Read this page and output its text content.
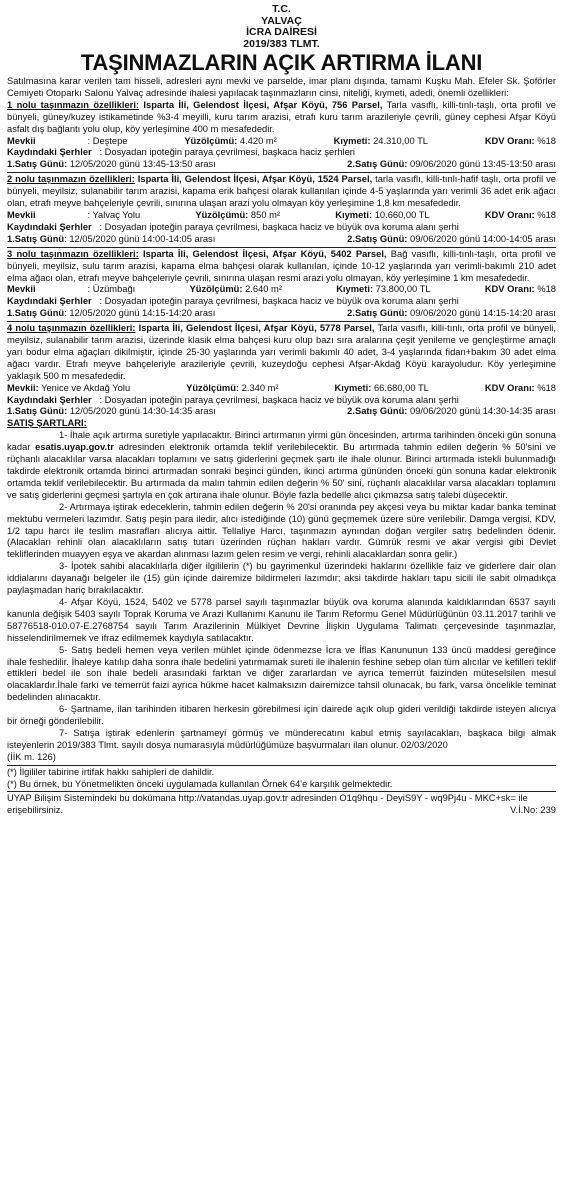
T.C.
YALVAÇ
İCRA DAİRESİ
2019/383 TLMT.
TAŞINMAZLARIN AÇIK ARTIRMA İLANI
Satılmasına karar verilen tam hisseli, adresleri aynı mevki ve parselde, imar planı dışında, tamamı Kuşku Mah. Efeler Sk. Şoförler Cemiyeti Otoparkı Salonu Yalvaç adresinde ihalesi yapılacak taşınmazların cinsi, niteliği, kıymeti, adedi, önemli özellikleri:
1 nolu taşınmazın özellikleri: Isparta İli, Gelendost İlçesi, Afşar Köyü, 756 Parsel, Tarla vasıflı, killi-tınlı-taşlı, orta profil ve bünyeli, güney/kuzey istikametinde %3-4 meyilli, kuru tarım arazisi, etrafı kuru tarım arazileriyle çevrili, güney cephesi Afşar Köyü asfalt dış bağlantı yolu olup, köy yerleşimine 400 m mesafededir.
Mevkii	: Deştepe	Yüzölçümü: 4.420 m²	Kıymeti: 24.310,00 TL	KDV Oranı: %18
Kaydındaki Şerhler : Dosyadan ipoteğin paraya çevrilmesi, başkaca haciz şerhleri
1.Satış Günü: 12/05/2020 günü 13:45-13:50 arası	2.Satış Günü: 09/06/2020 günü 13:45-13:50 arası
2 nolu taşınmazın özellikleri: Isparta İli, Gelendost İlçesi, Afşar Köyü, 1524 Parsel, tarla vasıflı, killi-tınlı-hafif taşlı, orta profil ve bünyeli, meyilsiz, sulanabilir tarım arazisi, kapama erik bahçesi olarak kullanılan içinde 4-5 yaşlarında yarı verimli 36 adet erik ağacı olan, etrafı meyve bahçeleriyle çevrili, sınırına ulaşan arazi yolu olmayan köy yerleşimine 1,8 km mesafededir.
Mevkii	: Yalvaç Yolu	Yüzölçümü: 850 m²	Kıymeti: 10.660,00 TL	KDV Oranı: %18
Kaydındaki Şerhler : Dosyadan ipoteğin paraya çevrilmesi, başkaca haciz ve büyük ova koruma alanı şerhi
1.Satış Günü: 12/05/2020 günü 14:00-14:05 arası	2.Satış Günü: 09/06/2020 günü 14:00-14:05 arası
3 nolu taşınmazın özellikleri: Isparta İli, Gelendost İlçesi, Afşar Köyü, 5402 Parsel, Bağ vasıflı, killi-tınlı-taşlı, orta profil ve bünyeli, meyilsiz, sulu tarım arazisi, kapama elma bahçesi olarak kullanılan, içinde 10-12 yaşlarında yarı verimli-bakımlı 210 adet elma ağacı olan, etrafı meyve bahçeleriyle çevrili, sınırına ulaşan resmi arazi yolu olmayan, köy yerleşimine 1 km mesafededir.
Mevkii	: Üzümbağı	Yüzölçümü: 2.640 m²	Kıymeti: 73.800,00 TL	KDV Oranı: %18
Kaydındaki Şerhler : Dosyadan ipoteğin paraya çevrilmesi, başkaca haciz ve büyük ova koruma alanı şerhi
1.Satış Günü: 12/05/2020 günü 14:15-14:20 arası	2.Satış Günü: 09/06/2020 günü 14:15-14:20 arası
4 nolu taşınmazın özellikleri: Isparta İli, Gelendost İlçesi, Afşar Köyü, 5778 Parsel, Tarla vasıflı, killi-tınlı, orta profil ve bünyeli, meyilsiz, sulanabilir tarım arazisi, üzerinde klasik elma bahçesi kuru olup bazı sıra aralarına çeşit yenileme ve gençleştirme amaçlı yarı bodur elma ağaçları dikilmiştir, içinde 25-30 yaşlarında yarı verimli bakımlı 40 adet, 3-4 yaşlarında fidan+bakım 30 adet elma ağacı vardır. Etrafı meyve bahçeleriyle arazileriyle çevrili, kuzeydoğu cephesi Afşar-Akdağ Köyü karayoludur. Köy yerleşimine yaklaşık 500 m mesafededir.
Mevkii: Yenice ve Akdağ Yolu	Yüzölçümü: 2.340 m²	Kıymeti: 66.680,00 TL	KDV Oranı: %18
Kaydındaki Şerhler : Dosyadan ipoteğin paraya çevrilmesi, başkaca haciz ve büyük ova koruma alanı şerhi
1.Satış Günü: 12/05/2020 günü 14:30-14:35 arası	2.Satış Günü: 09/06/2020 günü 14:30-14:35 arası
SATIŞ ŞARTLARI:

1- İhale açık artırma suretiyle yapılacaktır. Birinci artırmanın yirmi gün öncesinden, artırma tarihinden önceki gün sonuna kadar esatis.uyap.gov.tr adresinden elektronik ortamda teklif verilebilecektir. Bu artırmada tahmin edilen değerin % 50'sini ve rüçhanlı alacaklılar varsa alacakları toplamını ve satış giderlerini geçmek şartı ile ihale olunur. Birinci artırmada istekli bulunmadığı takdirde elektronik ortamda birinci artırmadan sonraki beşinci günden, ikinci artırma gününden önceki gün sonuna kadar elektronik ortamda teklif verilebilecektir. Bu artırmada da malın tahmin edilen değerin % 50' sini, rüçhanlı alacaklılar varsa alacakları toplamını ve satış giderlerini geçmesi şartıyla en çok artırana ihale olunur. Böyle fazla bedelle alıcı çıkmazsa satış talebi düşecektir.

2- Artırmaya iştirak edeceklerin, tahmin edilen değerin % 20'si oranında pey akçesi veya bu miktar kadar banka teminat mektubu vermeleri lazımdır. Satış peşin para iledir, alıcı istediğinde (10) günü geçmemek üzere süre verilebilir. Damga vergisi, KDV, 1/2 tapu harcı ile teslim masrafları alıcıya aittir. Tellaliye Harcı, taşınmazın aynından doğan vergiler satış bedelinden ödenir. (Alacakları rehinli olan alacaklıların satış tutarı üzerinden rüçhan hakları vardır. Gümrük resmi ve akar vergisi gibi Devlet tekliflerinden muayyen eşya ve akardan alınması lazım gelen resim ve vergi, rehinli alacaklardan sonra gelir.)

3- İpotek sahibi alacaklılarla diğer ilgililerin (*) bu gayrimenkul üzerindeki haklarını özellikle faiz ve giderlere dair olan iddialarını dayanağı belgeler ile (15) gün içinde dairemize bildirmeleri lazımdır; aksi takdirde hakları tapu sicili ile sabit olmadıkça paylaşmadan hariç bırakılacaktır.

4- Afşar Köyü, 1524, 5402 ve 5778 parsel sayılı taşınmazlar büyük ova koruma alanında kaldıklarından 6537 sayılı kanunla değişik 5403 sayılı Toprak Koruma ve Arazi Kullanımı Kanunu ile Tarım Reformu Genel Müdürlüğünün 03.11.2017 tarihli ve 58776518-010.07-E.2768754 sayılı Tarım Arazilerinin Mülkiyet Devrine İlişkin Uygulama Talimatı çerçevesinde taşınmazlar, hisselendirilmemek ve ifraz edilmemek kaydıyla satılacaktır.

5- Satış bedeli hemen veya verilen mühlet içinde ödenmezse İcra ve İflas Kanununun 133 üncü maddesi gereğince ihale feshedilir. İhaleye katılıp daha sonra ihale bedelini yatırmamak sureti ile ihalenin feshine sebep olan tüm alıcılar ve kefilleri teklif ettikleri bedel ile son ihale bedeli arasındaki farktan ve diğer zararlardan ve ayrıca temerrüt faizinden müteselsilen mesul olacaklardır.İhale farkı ve temerrüt faizi ayrıca hükme hacet kalmaksızın dairemizce tahsil olunacak, bu fark, varsa öncelikle teminat bedelinden alınacaktır.

6- Şartname, ilan tarihinden itibaren herkesin görebilmesi için dairede açık olup gideri verildiği takdirde isteyen alıcıya bir örneği gönderilebilir.

7- Satışa iştirak edenlerin şartnameyi görmüş ve münderecatını kabul etmiş sayılacakları, başkaca bilgi almak isteyenlerin 2019/383 Tlmt. sayılı dosya numarasıyla müdürlüğümüze başvurmaları ilan olunur. 02/03/2020

(İİK m. 126)

(*) İlgililer tabirine irtifak hakkı sahipleri de dahildir.
(*) Bu örnek, bu Yönetmelikten önceki uygulamada kullanılan Örnek 64'e karşılık gelmektedir.
UYAP Bilişim Sistemindeki bu dokümana http://vatandas.uyap.gov.tr adresinden O1q9hqu - DeyiS9Y - wq9Pj4u - MKC+sk= ile erişebilirsiniz.	V.İ.No: 239
